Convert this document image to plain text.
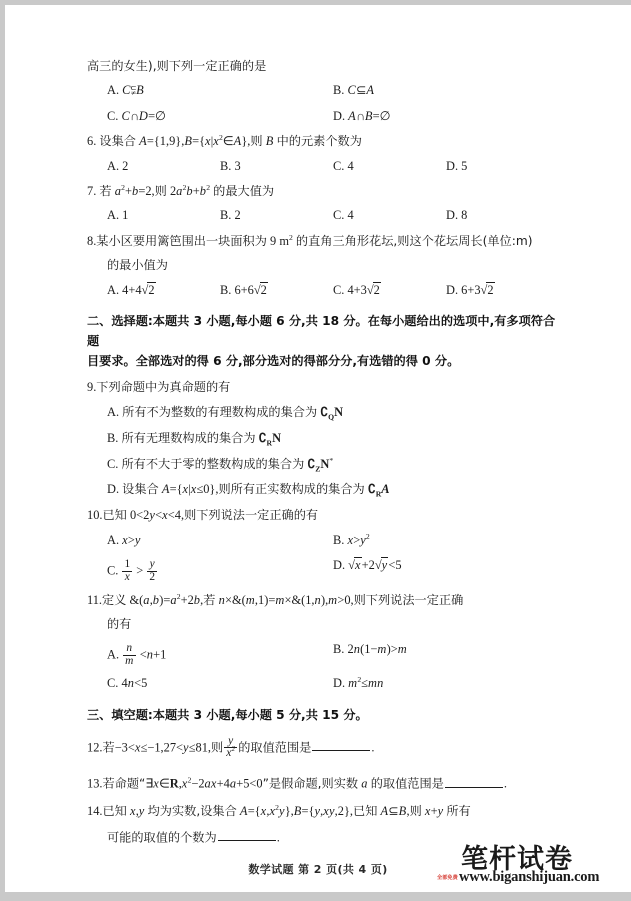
高三的女生),则下列一定正确的是
A. C⫋B	B. C⊆A
C. C∩D=∅	D. A∩B=∅
6. 设集合 $A=\{1,9\},B=\{x|x^2\in A\}$,则 B 中的元素个数为
A. 2	B. 3	C. 4	D. 5
7. 若 $a^2+b=2$,则 $2a^2b+b^2$ 的最大值为
A. 1	B. 2	C. 4	D. 8
8.某小区要用篱笆围出一块面积为 9 $m^2$ 的直角三角形花坛,则这个花坛周长(单位:m)
的最小值为
A. 4+4√2	B. 6+6√2	C. 4+3√2	D. 6+3√2
二、选择题:本题共 3 小题,每小题 6 分,共 18 分。在每小题给出的选项中,有多项符合题
目要求。全部选对的得 6 分,部分选对的得部分分,有选错的得 0 分。
9.下列命题中为真命题的有
A. 所有不为整数的有理数构成的集合为 $∁_QN$
B. 所有无理数构成的集合为 $∁_RN$
C. 所有不大于零的整数构成的集合为 $∁_ZN^*$
D. 设集合 A={x|x≤0},则所有正实数构成的集合为 $∁_RA$
10.已知 0<2y<x<4,则下列说法一定正确的有
A. x>y	B. $x>y^2$
C. $\frac{1}{x} > \frac{y}{2}$	D. √x+2√y<5
11.定义 $\&(a,b)=a^2+2b$,若 n×&(m,1)=m×&(1,n),m>0,则下列说法一定正确
的有
A. $\frac{n}{m} <n+1$	B. 2n(1−m)>m
C. 4n<5	D. $m^2\le mn$
三、填空题:本题共 3 小题,每小题 5 分,共 15 分。
12.若−3<x≤−1,27<y≤81,则 $\frac{y}{x^2}$ 的取值范围是	.
13.若命题“$\exists x\in R,x^2-2ax+4a+5<0$”是假命题,则实数 a 的取值范围是	.
14.已知 x,y 均为实数,设集合 $A=\{x,x^2y\},B=\{y,xy,2\}$,已知 A⊆B,则 x+y 所有
可能的取值的个数为	.
数学试题 第 2 页(共 4 页)	笔杆试卷
全部免费 www.biganshijuan.com
